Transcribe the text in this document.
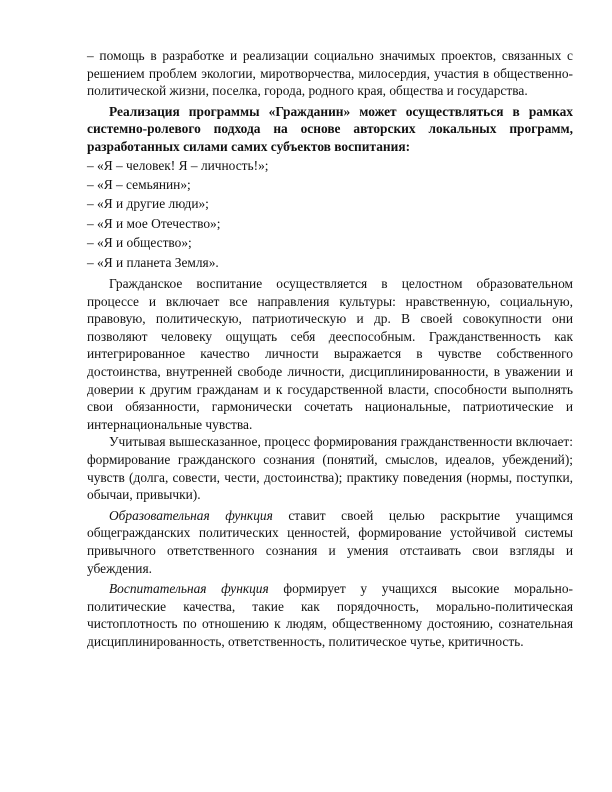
– помощь в разработке и реализации социально значимых проектов, связанных с решением проблем экологии, миротворчества, милосердия, участия в общественно-политической жизни, поселка, города, родного края, общества и государства.

Реализация программы «Гражданин» может осуществляться в рамках системно-ролевого подхода на основе авторских локальных программ, разработанных силами самих субъектов воспитания:

– «Я – человек! Я – личность!»;
– «Я – семьянин»;
– «Я и другие люди»;
– «Я и мое Отечество»;
– «Я и общество»;
– «Я и планета Земля».

Гражданское воспитание осуществляется в целостном образовательном процессе и включает все направления культуры: нравственную, социальную, правовую, политическую, патриотическую и др. В своей совокупности они позволяют человеку ощущать себя дееспособным. Гражданственность как интегрированное качество личности выражается в чувстве собственного достоинства, внутренней свободе личности, дисциплинированности, в уважении и доверии к другим гражданам и к государственной власти, способности выполнять свои обязанности, гармонически сочетать национальные, патриотические и интернациональные чувства.

Учитывая вышесказанное, процесс формирования гражданственности включает: формирование гражданского сознания (понятий, смыслов, идеалов, убеждений); чувств (долга, совести, чести, достоинства); практику поведения (нормы, поступки, обычаи, привычки).

Образовательная функция ставит своей целью раскрытие учащимся общегражданских политических ценностей, формирование устойчивой системы привычного ответственного сознания и умения отстаивать свои взгляды и убеждения.

Воспитательная функция формирует у учащихся высокие морально-политические качества, такие как порядочность, морально-политическая чистоплотность по отношению к людям, общественному достоянию, сознательная дисциплинированность, ответственность, политическое чутье, критичность.
